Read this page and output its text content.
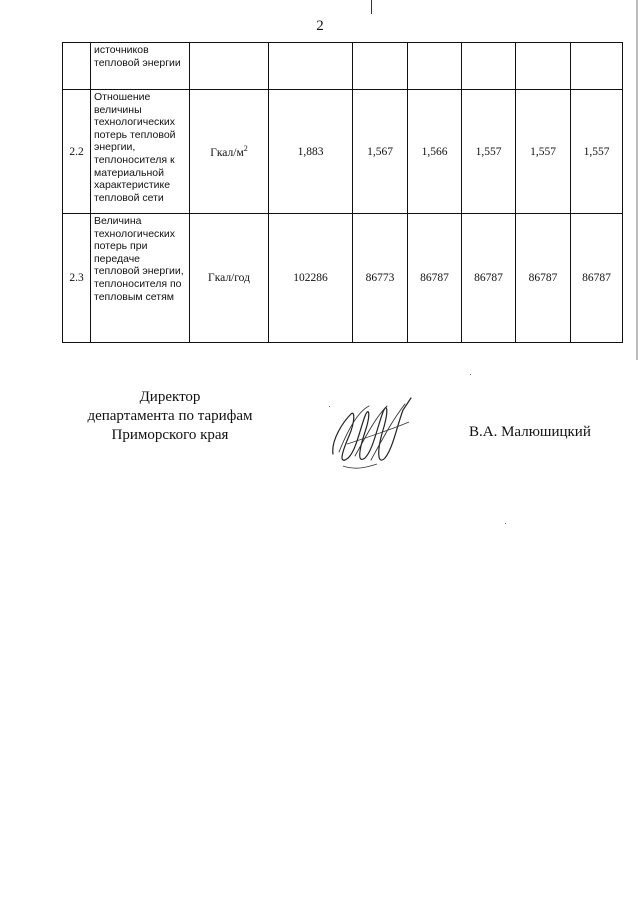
2
	источников тепловой энергии							
2.2	Отношение величины технологических потерь тепловой энергии, теплоносителя к материальной характеристике тепловой сети	Гкал/$м^2$	1,883	1,567	1,566	1,557	1,557	1,557
2.3	Величина технологических потерь при передаче тепловой энергии, теплоносителя по тепловым сетям	Гкал/год	102286	86773	86787	86787	86787	86787
Директор
департамента по тарифам
Приморского края	В.А. Малюшицкий
